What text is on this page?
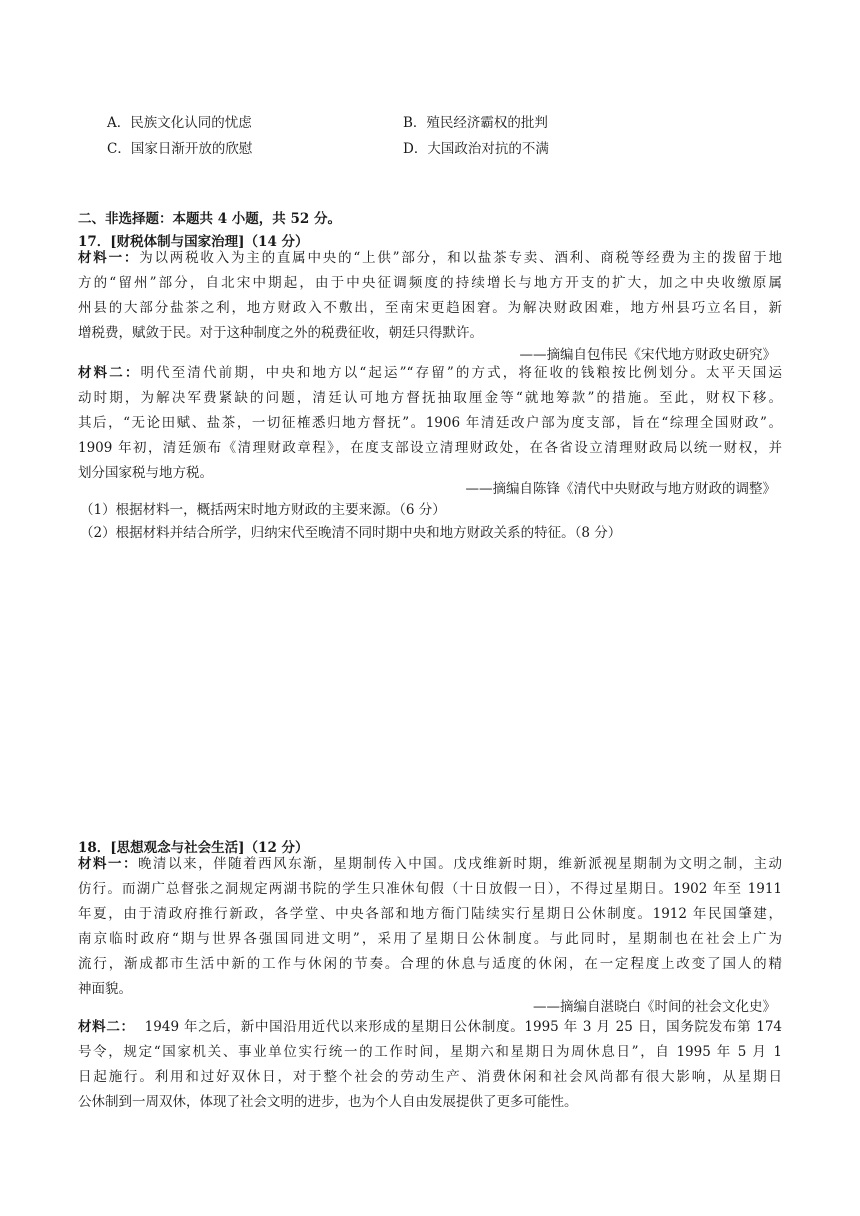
A．民族文化认同的忧虑	B．殖民经济霸权的批判
C．国家日渐开放的欣慰	D．大国政治对抗的不满
二、非选择题：本题共 4 小题，共 52 分。
17．[财税体制与国家治理]（14 分）
材料一：为以两税收入为主的直属中央的“上供”部分，和以盐茶专卖、酒利、商税等经费为主的拨留于地
方的“留州”部分，自北宋中期起，由于中央征调频度的持续增长与地方开支的扩大，加之中央收缴原属
州县的大部分盐茶之利，地方财政入不敷出，至南宋更趋困窘。为解决财政困难，地方州县巧立名目，新
增税费，赋敛于民。对于这种制度之外的税费征收，朝廷只得默许。
——摘编自包伟民《宋代地方财政史研究》
材料二：明代至清代前期，中央和地方以“起运”“存留”的方式，将征收的钱粮按比例划分。太平天国运
动时期，为解决军费紧缺的问题，清廷认可地方督抚抽取厘金等“就地筹款”的措施。至此，财权下移。
其后，“无论田赋、盐茶，一切征榷悉归地方督抚”。1906 年清廷改户部为度支部，旨在“综理全国财政”。
1909 年初，清廷颁布《清理财政章程》，在度支部设立清理财政处，在各省设立清理财政局以统一财权，并
划分国家税与地方税。
——摘编自陈锋《清代中央财政与地方财政的调整》
（1）根据材料一，概括两宋时地方财政的主要来源。（6 分）
（2）根据材料并结合所学，归纳宋代至晚清不同时期中央和地方财政关系的特征。（8 分）
18．[思想观念与社会生活]（12 分）
材料一：晚清以来，伴随着西风东渐，星期制传入中国。戊戌维新时期，维新派视星期制为文明之制，主动
仿行。而湖广总督张之洞规定两湖书院的学生只准休旬假（十日放假一日），不得过星期日。1902 年至 1911
年夏，由于清政府推行新政，各学堂、中央各部和地方衙门陆续实行星期日公休制度。1912 年民国肇建，
南京临时政府“期与世界各强国同进文明”，采用了星期日公休制度。与此同时，星期制也在社会上广为
流行，渐成都市生活中新的工作与休闲的节奏。合理的休息与适度的休闲，在一定程度上改变了国人的精
神面貌。
——摘编自湛晓白《时间的社会文化史》
材料二：  1949 年之后，新中国沿用近代以来形成的星期日公休制度。1995 年 3 月 25 日，国务院发布第 174
号令，规定“国家机关、事业单位实行统一的工作时间，星期六和星期日为周休息日”，自 1995 年 5 月 1
日起施行。利用和过好双休日，对于整个社会的劳动生产、消费休闲和社会风尚都有很大影响，从星期日
公休制到一周双休，体现了社会文明的进步，也为个人自由发展提供了更多可能性。
